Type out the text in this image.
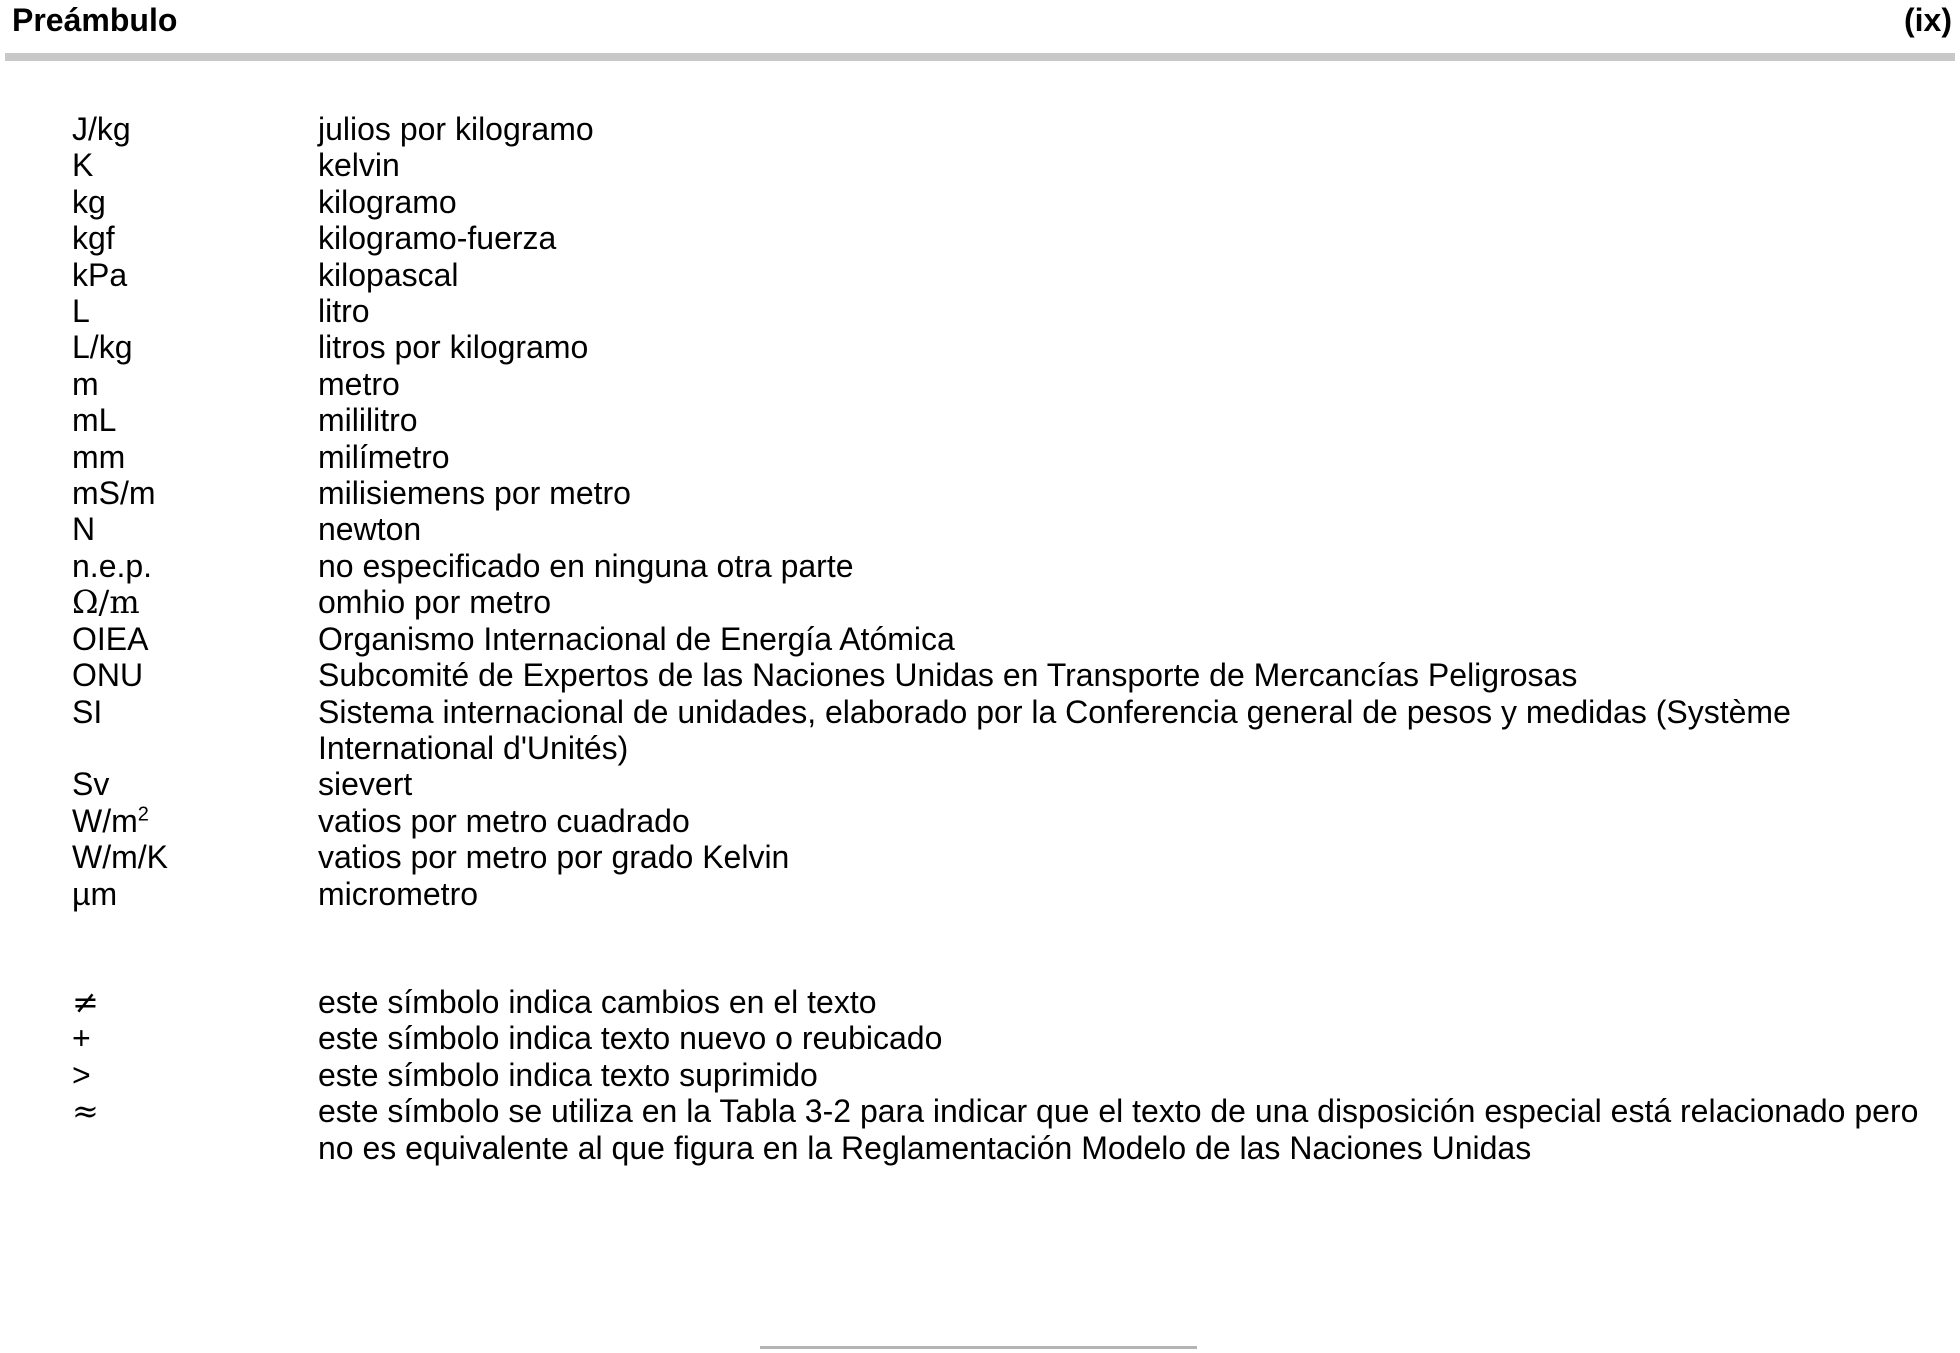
Preámbulo	(ix)
J/kg	julios por kilogramo
K	kelvin
kg	kilogramo
kgf	kilogramo-fuerza
kPa	kilopascal
L	litro
L/kg	litros por kilogramo
m	metro
mL	mililitro
mm	milímetro
mS/m	milisiemens por metro
N	newton
n.e.p.	no especificado en ninguna otra parte
Ω/m	omhio por metro
OIEA	Organismo Internacional de Energía Atómica
ONU	Subcomité de Expertos de las Naciones Unidas en Transporte de Mercancías Peligrosas
SI	Sistema internacional de unidades, elaborado por la Conferencia general de pesos y medidas (Système International d'Unités)
Sv	sievert
$W/m^2$	vatios por metro cuadrado
W/m/K	vatios por metro por grado Kelvin
µm	micrometro
≠	este símbolo indica cambios en el texto
+	este símbolo indica texto nuevo o reubicado
>	este símbolo indica texto suprimido
≈	este símbolo se utiliza en la Tabla 3-2 para indicar que el texto de una disposición especial está relacionado pero no es equivalente al que figura en la Reglamentación Modelo de las Naciones Unidas
